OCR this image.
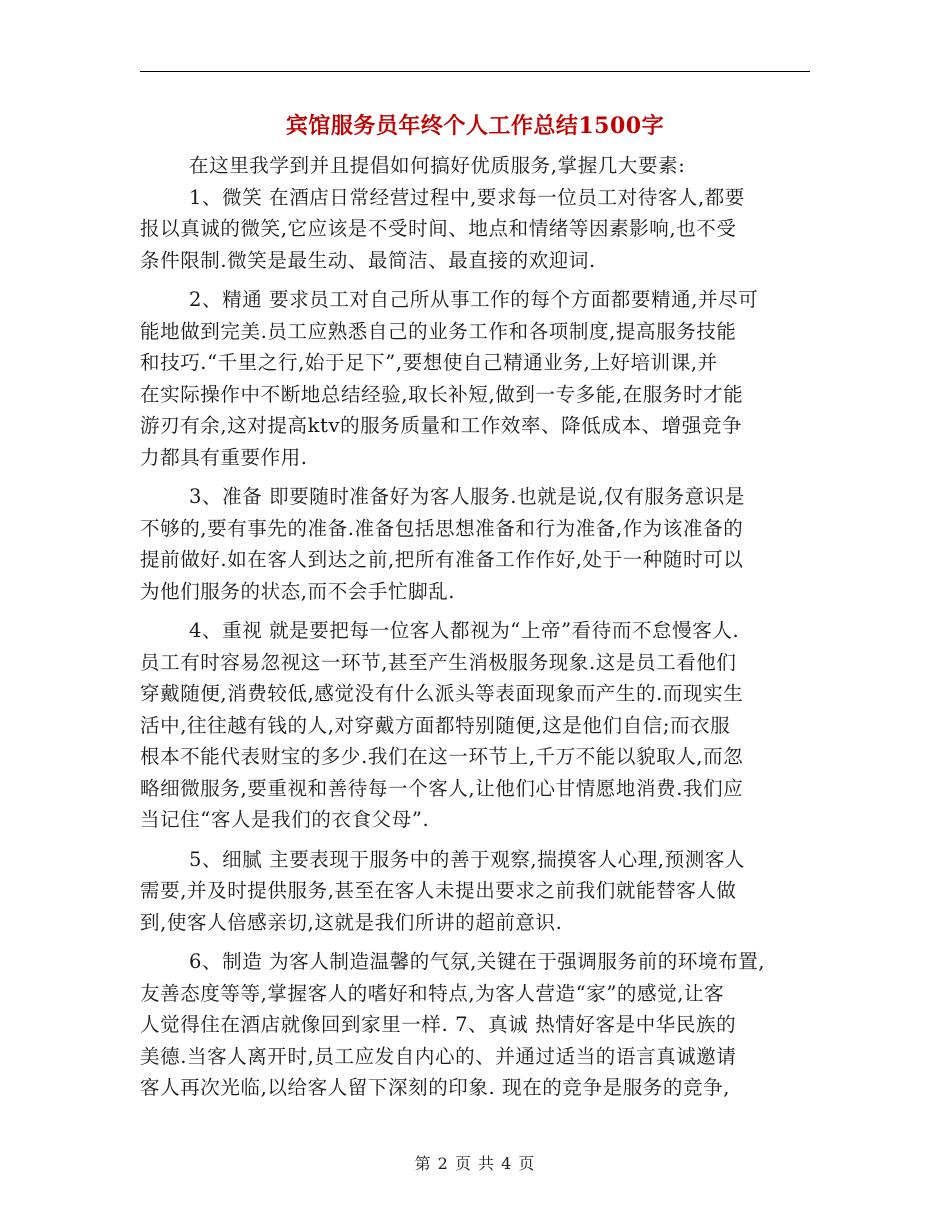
宾馆服务员年终个人工作总结1500字
在这里我学到并且提倡如何搞好优质服务,掌握几大要素:
1、微笑 在酒店日常经营过程中,要求每一位员工对待客人,都要
报以真诚的微笑,它应该是不受时间、地点和情绪等因素影响,也不受
条件限制.微笑是最生动、最简洁、最直接的欢迎词.
2、精通 要求员工对自己所从事工作的每个方面都要精通,并尽可
能地做到完美.员工应熟悉自己的业务工作和各项制度,提高服务技能
和技巧.“千里之行,始于足下”,要想使自己精通业务,上好培训课,并
在实际操作中不断地总结经验,取长补短,做到一专多能,在服务时才能
游刃有余,这对提高ktv的服务质量和工作效率、降低成本、增强竞争
力都具有重要作用.
3、准备 即要随时准备好为客人服务.也就是说,仅有服务意识是
不够的,要有事先的准备.准备包括思想准备和行为准备,作为该准备的
提前做好.如在客人到达之前,把所有准备工作作好,处于一种随时可以
为他们服务的状态,而不会手忙脚乱.
4、重视 就是要把每一位客人都视为“上帝”看待而不怠慢客人.
员工有时容易忽视这一环节,甚至产生消极服务现象.这是员工看他们
穿戴随便,消费较低,感觉没有什么派头等表面现象而产生的.而现实生
活中,往往越有钱的人,对穿戴方面都特别随便,这是他们自信;而衣服
根本不能代表财宝的多少.我们在这一环节上,千万不能以貌取人,而忽
略细微服务,要重视和善待每一个客人,让他们心甘情愿地消费.我们应
当记住“客人是我们的衣食父母”.
5、细腻 主要表现于服务中的善于观察,揣摸客人心理,预测客人
需要,并及时提供服务,甚至在客人未提出要求之前我们就能替客人做
到,使客人倍感亲切,这就是我们所讲的超前意识.
6、制造 为客人制造温馨的气氛,关键在于强调服务前的环境布置,
友善态度等等,掌握客人的嗜好和特点,为客人营造“家”的感觉,让客
人觉得住在酒店就像回到家里一样. 7、真诚 热情好客是中华民族的
美德.当客人离开时,员工应发自内心的、并通过适当的语言真诚邀请
客人再次光临,以给客人留下深刻的印象. 现在的竞争是服务的竞争,
第 2 页 共 4 页
